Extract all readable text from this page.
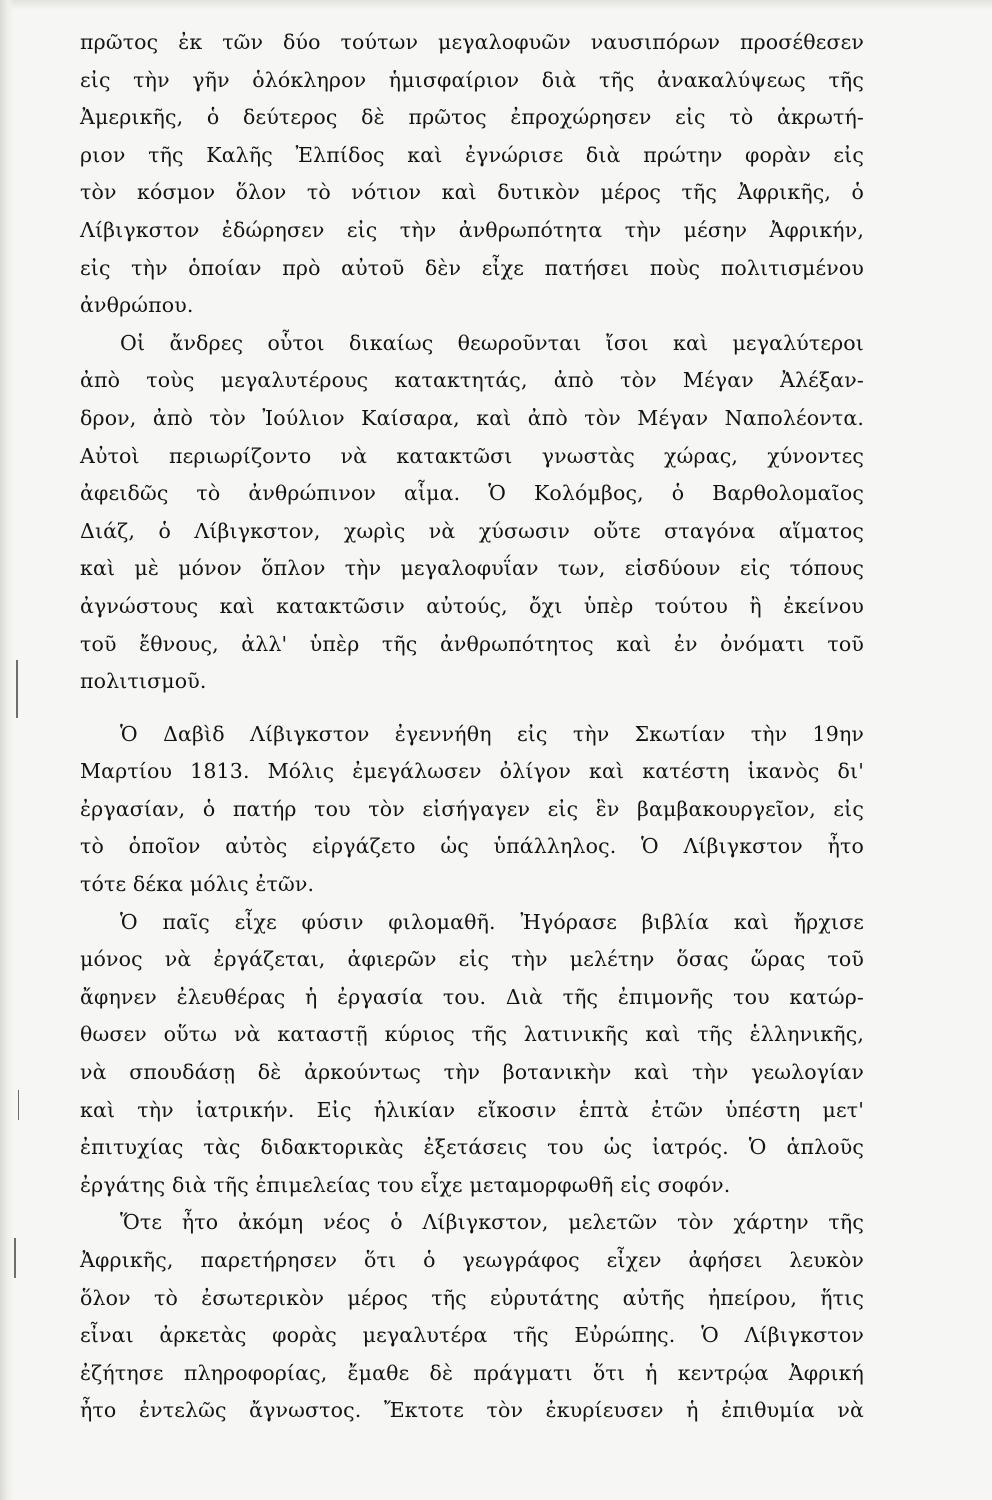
πρῶτος ἐκ τῶν δύο τούτων μεγαλοφυῶν ναυσιπόρων προσέθεσεν
εἰς τὴν γῆν ὁλόκληρον ἡμισφαίριον διὰ τῆς ἀνακαλύψεως τῆς
Ἀμερικῆς, ὁ δεύτερος δὲ πρῶτος ἐπροχώρησεν εἰς τὸ ἀκρωτή-
ριον τῆς Καλῆς Ἐλπίδος καὶ ἐγνώρισε διὰ πρώτην φορὰν εἰς
τὸν κόσμον ὅλον τὸ νότιον καὶ δυτικὸν μέρος τῆς Ἀφρικῆς, ὁ
Λίβιγκστον ἐδώρησεν εἰς τὴν ἀνθρωπότητα τὴν μέσην Ἀφρικήν,
εἰς τὴν ὁποίαν πρὸ αὐτοῦ δὲν εἶχε πατήσει ποὺς πολιτισμένου
ἀνθρώπου.
Οἱ ἄνδρες οὗτοι δικαίως θεωροῦνται ἴσοι καὶ μεγαλύτεροι
ἀπὸ τοὺς μεγαλυτέρους κατακτητάς, ἀπὸ τὸν Μέγαν Ἀλέξαν-
δρον, ἀπὸ τὸν Ἰούλιον Καίσαρα, καὶ ἀπὸ τὸν Μέγαν Ναπολέοντα.
Αὐτοὶ περιωρίζοντο νὰ κατακτῶσι γνωστὰς χώρας, χύνοντες
ἀφειδῶς τὸ ἀνθρώπινον αἷμα. Ὁ Κολόμβος, ὁ Βαρθολομαῖος
Διάζ, ὁ Λίβιγκστον, χωρὶς νὰ χύσωσιν οὔτε σταγόνα αἵματος
καὶ μὲ μόνον ὅπλον τὴν μεγαλοφυΐαν των, εἰσδύουν εἰς τόπους
ἀγνώστους καὶ κατακτῶσιν αὐτούς, ὄχι ὑπὲρ τούτου ἢ ἐκείνου
τοῦ ἔθνους, ἀλλ' ὑπὲρ τῆς ἀνθρωπότητος καὶ ἐν ὀνόματι τοῦ
πολιτισμοῦ.
Ὁ Δαβὶδ Λίβιγκστον ἐγεννήθη εἰς τὴν Σκωτίαν τὴν 19ην
Μαρτίου 1813. Μόλις ἐμεγάλωσεν ὀλίγον καὶ κατέστη ἱκανὸς δι'
ἐργασίαν, ὁ πατήρ του τὸν εἰσήγαγεν εἰς ἓν βαμβακουργεῖον, εἰς
τὸ ὁποῖον αὐτὸς εἰργάζετο ὡς ὑπάλληλος. Ὁ Λίβιγκστον ἦτο
τότε δέκα μόλις ἐτῶν.
Ὁ παῖς εἶχε φύσιν φιλομαθῆ. Ἠγόρασε βιβλία καὶ ἤρχισε
μόνος νὰ ἐργάζεται, ἀφιερῶν εἰς τὴν μελέτην ὅσας ὥρας τοῦ
ἄφηνεν ἐλευθέρας ἡ ἐργασία του. Διὰ τῆς ἐπιμονῆς του κατώρ-
θωσεν οὕτω νὰ καταστῇ κύριος τῆς λατινικῆς καὶ τῆς ἑλληνικῆς,
νὰ σπουδάσῃ δὲ ἀρκούντως τὴν βοτανικὴν καὶ τὴν γεωλογίαν
καὶ τὴν ἰατρικήν. Εἰς ἡλικίαν εἴκοσιν ἑπτὰ ἐτῶν ὑπέστη μετ'
ἐπιτυχίας τὰς διδακτορικὰς ἐξετάσεις του ὡς ἰατρός. Ὁ ἁπλοῦς
ἐργάτης διὰ τῆς ἐπιμελείας του εἶχε μεταμορφωθῆ εἰς σοφόν.
Ὅτε ἦτο ἀκόμη νέος ὁ Λίβιγκστον, μελετῶν τὸν χάρτην τῆς
Ἀφρικῆς, παρετήρησεν ὅτι ὁ γεωγράφος εἶχεν ἀφήσει λευκὸν
ὅλον τὸ ἐσωτερικὸν μέρος τῆς εὐρυτάτης αὐτῆς ἠπείρου, ἥτις
εἶναι ἀρκετὰς φορὰς μεγαλυτέρα τῆς Εὐρώπης. Ὁ Λίβιγκστον
ἐζήτησε πληροφορίας, ἔμαθε δὲ πράγματι ὅτι ἡ κεντρῴα Ἀφρική
ἦτο ἐντελῶς ἄγνωστος. Ἔκτοτε τὸν ἐκυρίευσεν ἡ ἐπιθυμία νὰ
